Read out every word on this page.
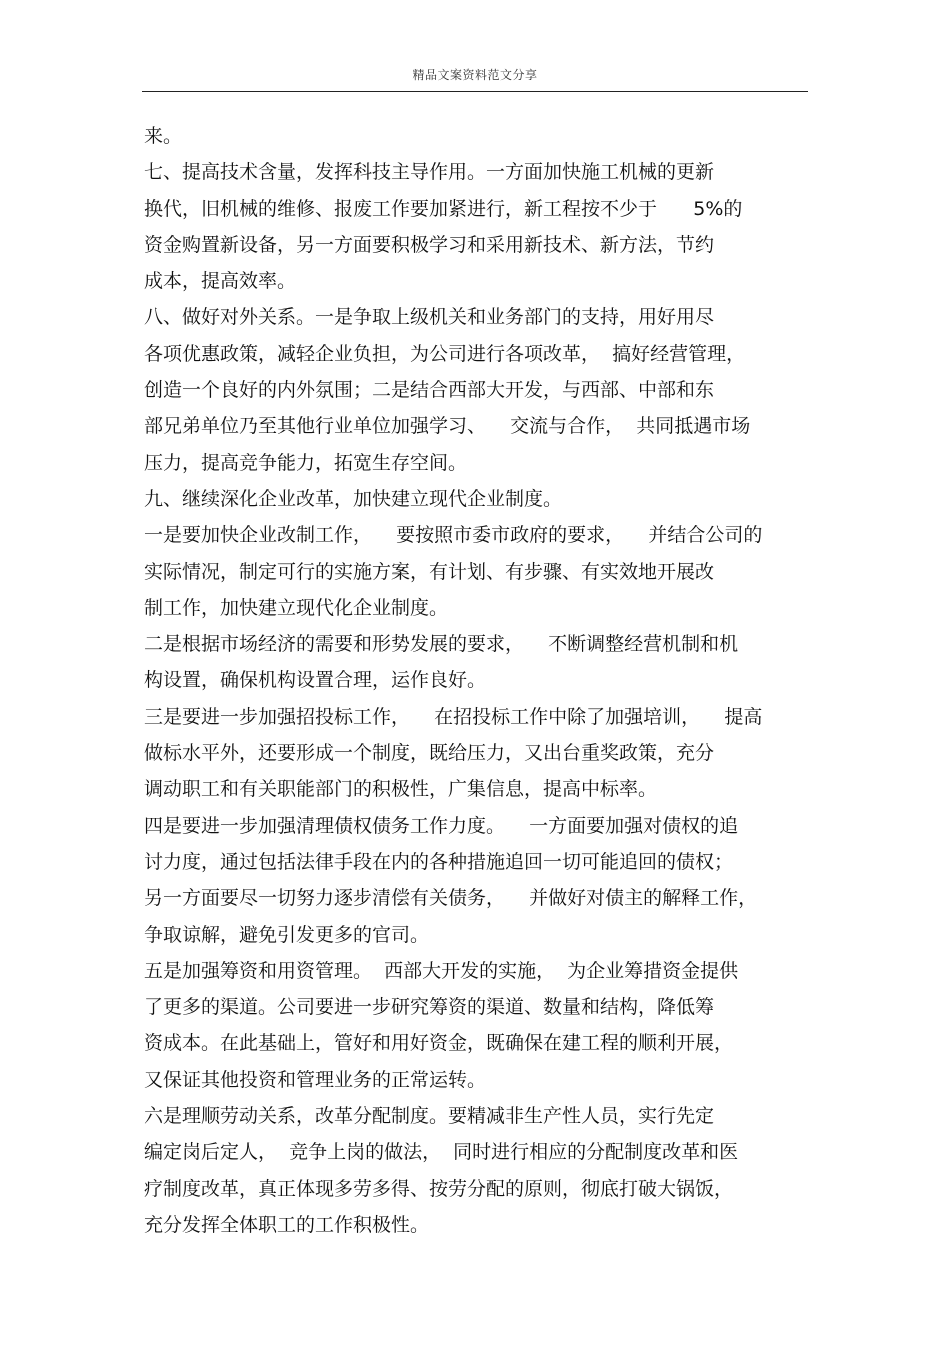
精品文案资料范文分享
来。
七、提高技术含量，发挥科技主导作用。一方面加快施工机械的更新
换代，旧机械的维修、报废工作要加紧进行，新工程按不少于      5%的
资金购置新设备，另一方面要积极学习和采用新技术、新方法，节约
成本，提高效率。
八、做好对外关系。一是争取上级机关和业务部门的支持，用好用尽
各项优惠政策，减轻企业负担，为公司进行各项改革，  搞好经营管理，
创造一个良好的内外氛围；二是结合西部大开发，与西部、中部和东
部兄弟单位乃至其他行业单位加强学习、    交流与合作，  共同抵遇市场
压力，提高竞争能力，拓宽生存空间。
九、继续深化企业改革，加快建立现代企业制度。
一是要加快企业改制工作，    要按照市委市政府的要求，    并结合公司的
实际情况，制定可行的实施方案，有计划、有步骤、有实效地开展改
制工作，加快建立现代化企业制度。
二是根据市场经济的需要和形势发展的要求，    不断调整经营机制和机
构设置，确保机构设置合理，运作良好。
三是要进一步加强招投标工作，    在招投标工作中除了加强培训，    提高
做标水平外，还要形成一个制度，既给压力，又出台重奖政策，充分
调动职工和有关职能部门的积极性，广集信息，提高中标率。
四是要进一步加强清理债权债务工作力度。    一方面要加强对债权的追
讨力度，通过包括法律手段在内的各种措施追回一切可能追回的债权；
另一方面要尽一切努力逐步清偿有关债务，    并做好对债主的解释工作，
争取谅解，避免引发更多的官司。
五是加强筹资和用资管理。  西部大开发的实施，  为企业筹措资金提供
了更多的渠道。公司要进一步研究筹资的渠道、数量和结构，降低筹
资成本。在此基础上，管好和用好资金，既确保在建工程的顺利开展，
又保证其他投资和管理业务的正常运转。
六是理顺劳动关系，改革分配制度。要精减非生产性人员，实行先定
编定岗后定人，  竞争上岗的做法，  同时进行相应的分配制度改革和医
疗制度改革，真正体现多劳多得、按劳分配的原则，彻底打破大锅饭，
充分发挥全体职工的工作积极性。
